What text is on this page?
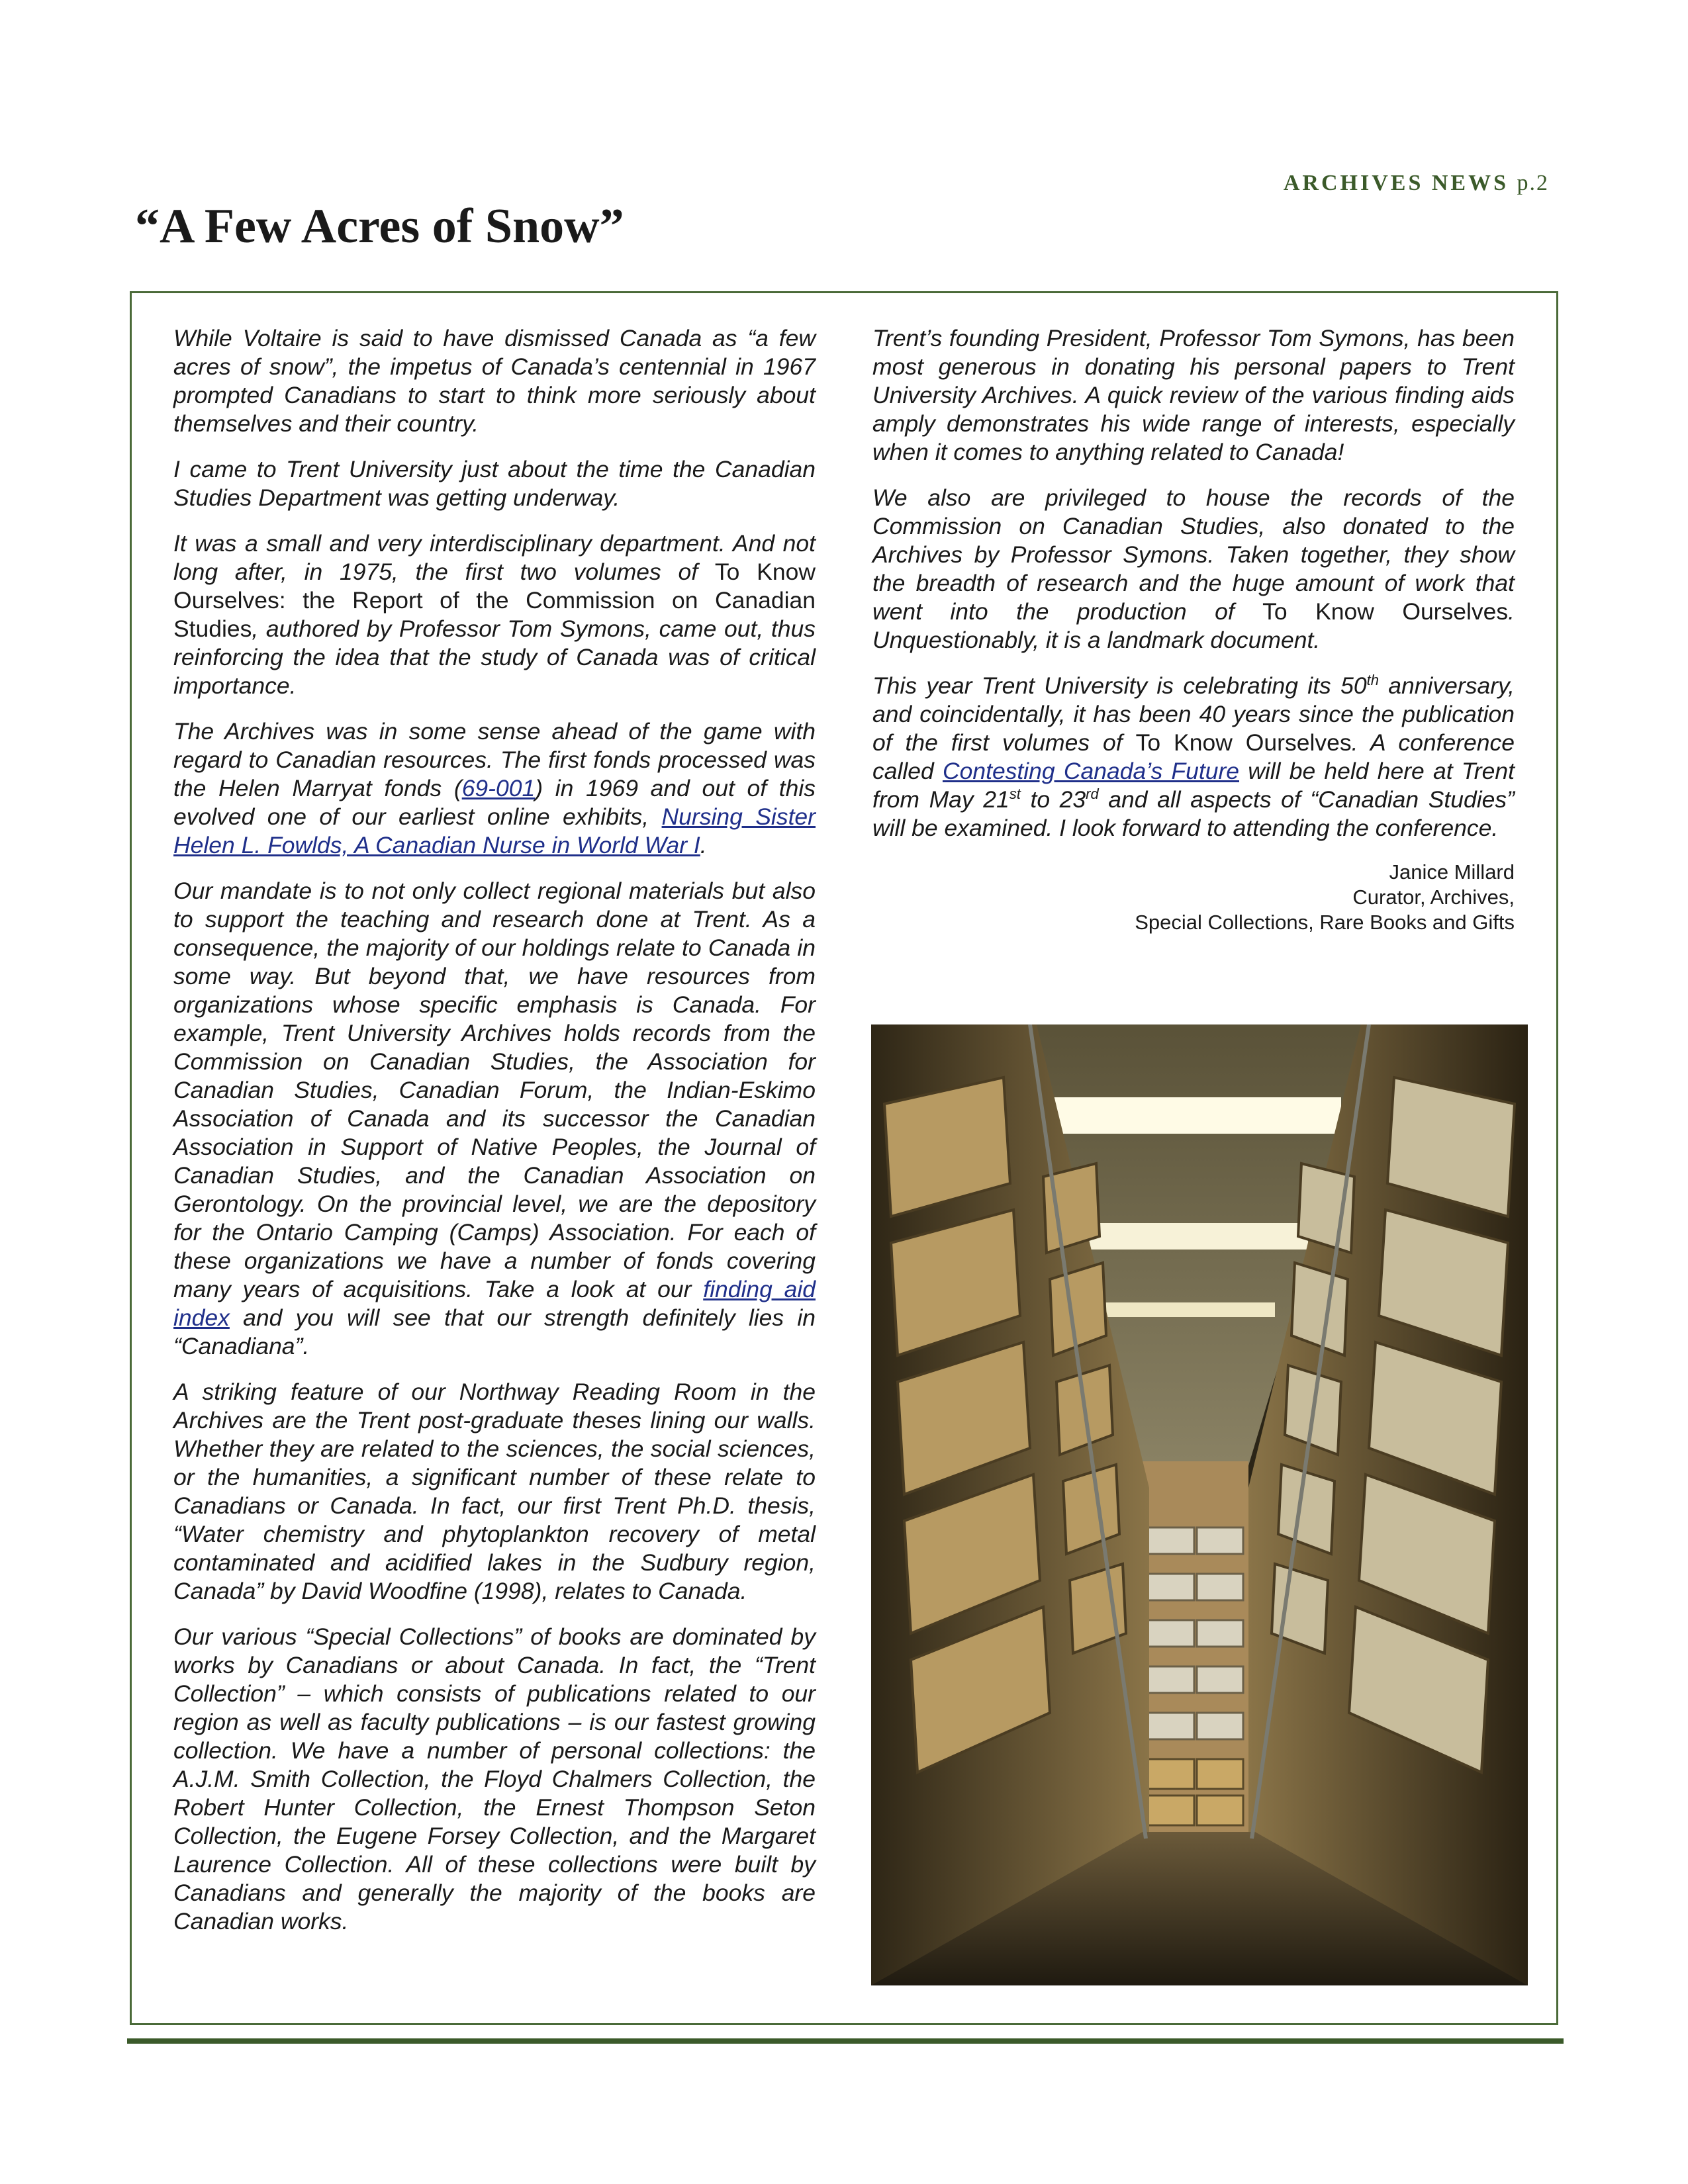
ARCHIVES NEWS p.2
“A Few Acres of Snow”

While Voltaire is said to have dismissed Canada as “a few acres of snow”, the impetus of Canada’s centennial in 1967 prompted Canadians to start to think more seriously about themselves and their country.

I came to Trent University just about the time the Canadian Studies Department was getting underway.

It was a small and very interdisciplinary department. And not long after, in 1975, the first two volumes of To Know Ourselves: the Report of the Commission on Canadian Studies, authored by Professor Tom Symons, came out, thus reinforcing the idea that the study of Canada was of critical importance.

The Archives was in some sense ahead of the game with regard to Canadian resources. The first fonds processed was the Helen Marryat fonds (69-001) in 1969 and out of this evolved one of our earliest online exhibits, Nursing Sister Helen L. Fowlds, A Canadian Nurse in World War I.

Our mandate is to not only collect regional materials but also to support the teaching and research done at Trent. As a consequence, the majority of our holdings relate to Canada in some way. But beyond that, we have resources from organizations whose specific emphasis is Canada. For example, Trent University Archives holds records from the Commission on Canadian Studies, the Association for Canadian Studies, Canadian Forum, the Indian-Eskimo Association of Canada and its successor the Canadian Association in Support of Native Peoples, the Journal of Canadian Studies, and the Canadian Association on Gerontology. On the provincial level, we are the depository for the Ontario Camping (Camps) Association. For each of these organizations we have a number of fonds covering many years of acquisitions. Take a look at our finding aid index and you will see that our strength definitely lies in “Canadiana”.

A striking feature of our Northway Reading Room in the Archives are the Trent post-graduate theses lining our walls. Whether they are related to the sciences, the social sciences, or the humanities, a significant number of these relate to Canadians or Canada. In fact, our first Trent Ph.D. thesis, “Water chemistry and phytoplankton recovery of metal contaminated and acidified lakes in the Sudbury region, Canada” by David Woodfine (1998), relates to Canada.

Our various “Special Collections” of books are dominated by works by Canadians or about Canada. In fact, the “Trent Collection” – which consists of publications related to our region as well as faculty publications – is our fastest growing collection. We have a number of personal collections: the A.J.M. Smith Collection, the Floyd Chalmers Collection, the Robert Hunter Collection, the Ernest Thompson Seton Collection, the Eugene Forsey Collection, and the Margaret Laurence Collection. All of these collections were built by Canadians and generally the majority of the books are Canadian works.

Trent’s founding President, Professor Tom Symons, has been most generous in donating his personal papers to Trent University Archives. A quick review of the various finding aids amply demonstrates his wide range of interests, especially when it comes to anything related to Canada!

We also are privileged to house the records of the Commission on Canadian Studies, also donated to the Archives by Professor Symons. Taken together, they show the breadth of research and the huge amount of work that went into the production of To Know Ourselves. Unquestionably, it is a landmark document.

This year Trent University is celebrating its 50th anniversary, and coincidentally, it has been 40 years since the publication of the first volumes of To Know Ourselves. A conference called Contesting Canada’s Future will be held here at Trent from May 21st to 23rd and all aspects of “Canadian Studies” will be examined. I look forward to attending the conference.

Janice Millard
Curator, Archives,
Special Collections, Rare Books and Gifts
